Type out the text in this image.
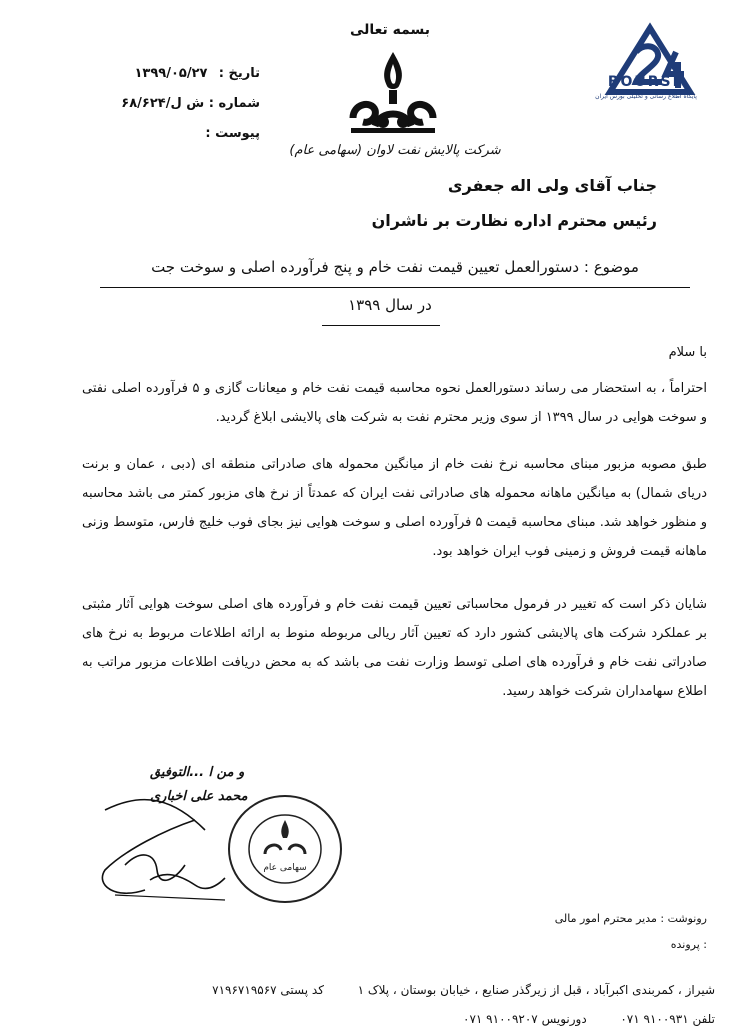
بسمه تعالی
شرکت پالایش نفت لاوان (سهامی عام)
تاریخ : ۱۳۹۹/۰۵/۲۷
شماره : ش ل/۶۸/۶۲۴
پیوست :
BOURSE
پایگاه اطلاع رسانی و تحلیلی بورس ایران
جناب آقای ولی اله جعفری
رئیس محترم اداره نظارت بر ناشران
موضوع : دستورالعمل تعیین قیمت نفت خام و پنج فرآورده اصلی و سوخت جت
در سال ۱۳۹۹
با سلام
احتراماً ، به استحضار می رساند دستورالعمل نحوه محاسبه قیمت نفت خام و میعانات گازی و ۵ فرآورده اصلی نفتی و سوخت هوایی در سال ۱۳۹۹ از سوی وزیر محترم نفت به شرکت های پالایشی ابلاغ گردید.
طبق مصوبه مزبور مبنای محاسبه نرخ نفت خام از میانگین محموله های صادراتی منطقه ای (دبی ، عمان و برنت دریای شمال) به میانگین ماهانه محموله های صادراتی نفت ایران که عمدتاً از نرخ های مزبور کمتر می باشد محاسبه و منظور خواهد شد. مبنای محاسبه قیمت ۵ فرآورده اصلی و سوخت هوایی نیز بجای فوب خلیج فارس، متوسط وزنی ماهانه قیمت فروش و زمینی فوب ایران خواهد بود.
شایان ذکر است که تغییر در فرمول محاسباتی تعیین قیمت نفت خام و فرآورده های اصلی سوخت هوایی آثار مثبتی بر عملکرد شرکت های پالایشی کشور دارد که تعیین آثار ریالی مربوطه منوط به ارائه اطلاعات مربوط به نرخ های صادراتی نفت خام و فرآورده های اصلی توسط وزارت نفت می باشد که به محض دریافت اطلاعات مزبور مراتب به اطلاع سهامداران شرکت خواهد رسید.
و من ا ...التوفیق
محمد علی اخباری
سهامی عام
رونوشت : مدیر محترم امور مالی
: پرونده
شیراز ، کمربندی اکبرآباد ، قبل از زیرگذر صنایع ، خیابان بوستان ، پلاک ۱  کد پستی ۷۱۹۶۷۱۹۵۶۷
تلفن ۹۱۰۰۹۳۱ ۰۷۱  دورنویس ۹۱۰۰۹۲۰۷ ۰۷۱
